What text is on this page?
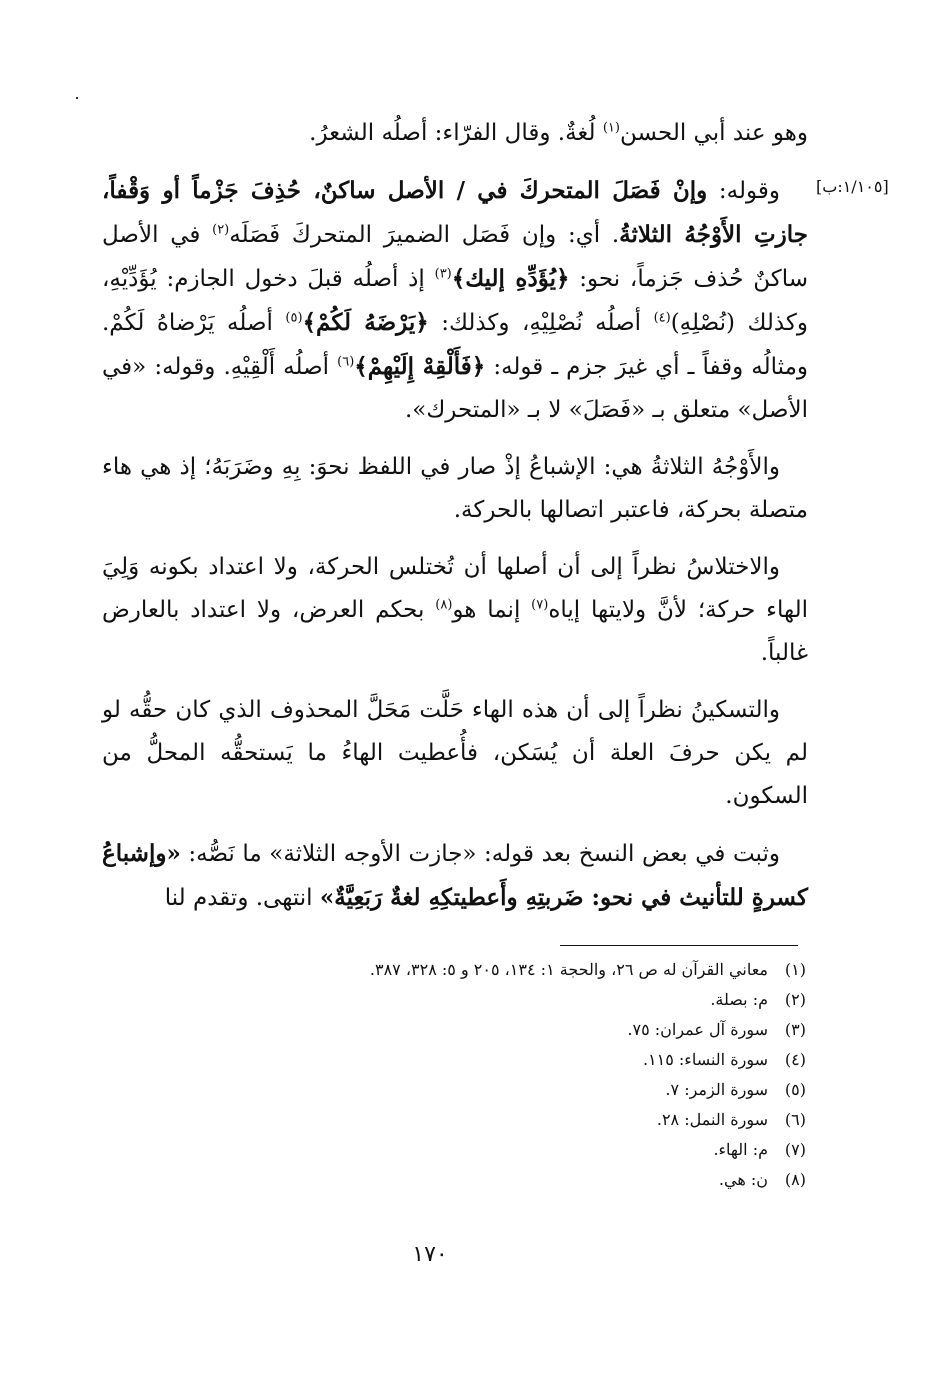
[١/١٠٥:ب]

وهو عند أبي الحسن$^{(١)}$ لُغةٌ. وقال الفرّاء: أصلُه الشعرُ.

وقوله: وإنْ فَصَلَ المتحركَ في / الأصل ساكنٌ، حُذِفَ جَزْماً أو وَقْفاً، جازتِ الأَوْجُهُ الثلاثةُ. أي: وإن فَصَل الضميرَ المتحركَ فَصَلَه$^{(٢)}$ في الأصل ساكنٌ حُذف جَزماً، نحو: ﴿يُؤَدِّهِ إليك﴾$^{(٣)}$ إذ أصلُه قبلَ دخول الجازم: يُؤَدِّيْهِ، وكذلك (نُصْلِهِ)$^{(٤)}$ أصلُه نُصْلِيْهِ، وكذلك: ﴿يَرْضَهُ لَكُمْ﴾$^{(٥)}$ أصلُه يَرْضاهُ لَكُمْ. ومثالُه وقفاً ـ أي غيرَ جزم ـ قوله: ﴿فَأَلْقِهْ إِلَيْهِمْ﴾$^{(٦)}$ أصلُه أَلْقِيْهِ. وقوله: «في الأصل» متعلق بـ «فَصَلَ» لا بـ «المتحرك».

والأَوْجُهُ الثلاثةُ هي: الإشباعُ إذْ صار في اللفظ نحوَ: بِهِ وضَرَبَهُ؛ إذ هي هاء متصلة بحركة، فاعتبر اتصالها بالحركة.

والاختلاسُ نظراً إلى أن أصلها أن تُختلس الحركة، ولا اعتداد بكونه وَلِيَ الهاء حركة؛ لأنَّ ولايتها إياه$^{(٧)}$ إنما هو$^{(٨)}$ بحكم العرض، ولا اعتداد بالعارض غالباً.

والتسكينُ نظراً إلى أن هذه الهاء حَلَّت مَحَلَّ المحذوف الذي كان حقُّه لو لم يكن حرفَ العلة أن يُسَكن، فأُعطيت الهاءُ ما يَستحقُّه المحلُّ من السكون.

وثبت في بعض النسخ بعد قوله: «جازت الأوجه الثلاثة» ما نَصُّه: «وإشباعُ كسرةٍ للتأنيث في نحو: ضَربتِهِ وأَعطيتكِهِ لغةٌ رَبَعِيَّةٌ» انتهى. وتقدم لنا

(١)معاني القرآن له ص ٢٦، والحجة ١: ١٣٤، ٢٠٥ و ٥: ٣٢٨، ٣٨٧.
(٢)م: بصلة.
(٣)سورة آل عمران: ٧٥.
(٤)سورة النساء: ١١٥.
(٥)سورة الزمر: ٧.
(٦)سورة النمل: ٢٨.
(٧)م: الهاء.
(٨)ن: هي.
١٧٠
